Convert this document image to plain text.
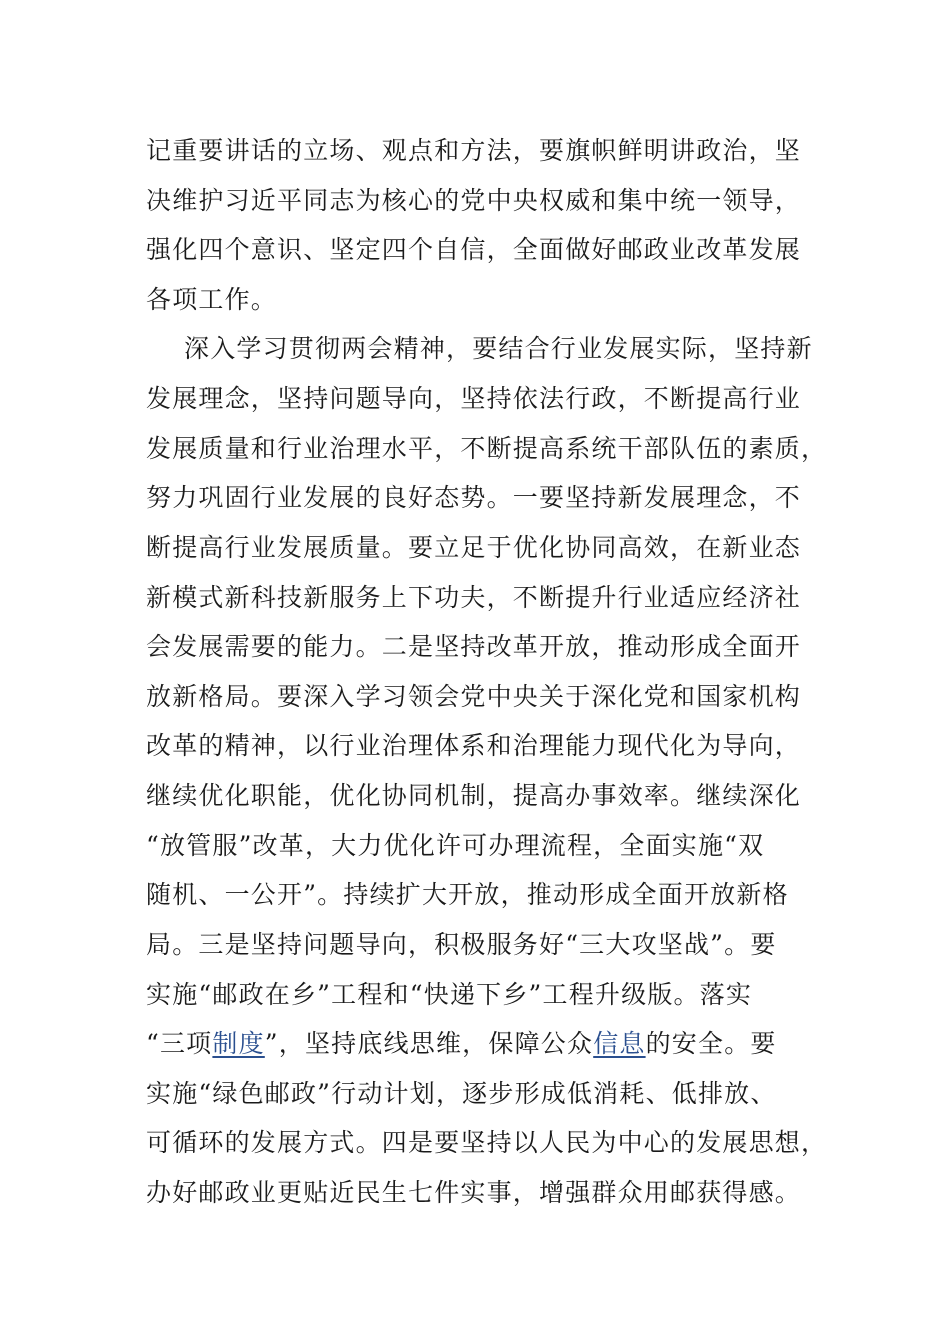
记重要讲话的立场、观点和方法，要旗帜鲜明讲政治，坚
决维护习近平同志为核心的党中央权威和集中统一领导，
强化四个意识、坚定四个自信，全面做好邮政业改革发展
各项工作。
深入学习贯彻两会精神，要结合行业发展实际，坚持新
发展理念，坚持问题导向，坚持依法行政，不断提高行业
发展质量和行业治理水平，不断提高系统干部队伍的素质，
努力巩固行业发展的良好态势。一要坚持新发展理念，不
断提高行业发展质量。要立足于优化协同高效，在新业态
新模式新科技新服务上下功夫，不断提升行业适应经济社
会发展需要的能力。二是坚持改革开放，推动形成全面开
放新格局。要深入学习领会党中央关于深化党和国家机构
改革的精神，以行业治理体系和治理能力现代化为导向，
继续优化职能，优化协同机制，提高办事效率。继续深化
“放管服”改革，大力优化许可办理流程，全面实施“双
随机、一公开”。持续扩大开放，推动形成全面开放新格
局。三是坚持问题导向，积极服务好“三大攻坚战”。要
实施“邮政在乡”工程和“快递下乡”工程升级版。落实
“三项制度”，坚持底线思维，保障公众信息的安全。要
实施“绿色邮政”行动计划，逐步形成低消耗、低排放、
可循环的发展方式。四是要坚持以人民为中心的发展思想，
办好邮政业更贴近民生七件实事，增强群众用邮获得感。
